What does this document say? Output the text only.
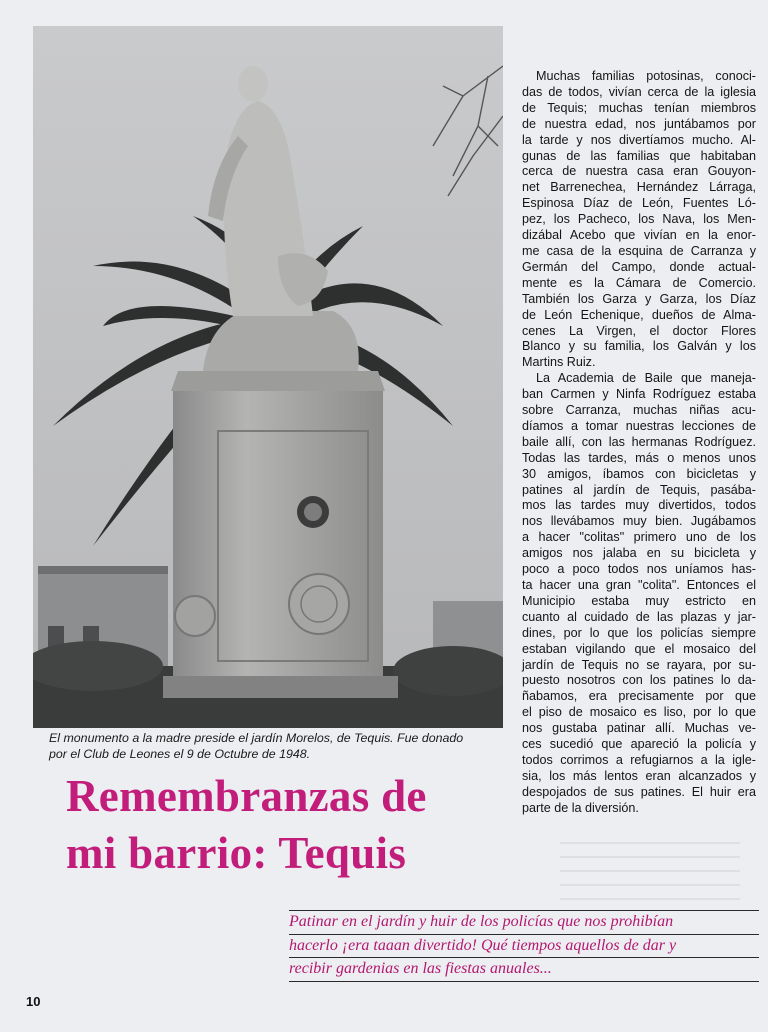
El monumento a la madre preside el jardín Morelos, de Tequis. Fue donado
por el Club de Leones el 9 de Octubre de 1948.
Remembranzas de
mi barrio: Tequis
Muchas familias potosinas, conoci-
das de todos, vivían cerca de la iglesia
de Tequis; muchas tenían miembros
de nuestra edad, nos juntábamos por
la tarde y nos divertíamos mucho. Al-
gunas de las familias que habitaban
cerca de nuestra casa eran Gouyon-
net Barrenechea, Hernández Lárraga,
Espinosa Díaz de León, Fuentes Ló-
pez, los Pacheco, los Nava, los Men-
dizábal Acebo que vivían en la enor-
me casa de la esquina de Carranza y
Germán del Campo, donde actual-
mente es la Cámara de Comercio.
También los Garza y Garza, los Díaz
de León Echenique, dueños de Alma-
cenes La Virgen, el doctor Flores
Blanco y su familia, los Galván y los
Martins Ruiz.
La Academia de Baile que maneja-
ban Carmen y Ninfa Rodríguez estaba
sobre Carranza, muchas niñas acu-
díamos a tomar nuestras lecciones de
baile allí, con las hermanas Rodríguez.
Todas las tardes, más o menos unos
30 amigos, íbamos con bicicletas y
patines al jardín de Tequis, pasába-
mos las tardes muy divertidos, todos
nos llevábamos muy bien. Jugábamos
a hacer "colitas" primero uno de los
amigos nos jalaba en su bicicleta y
poco a poco todos nos uníamos has-
ta hacer una gran "colita". Entonces el
Municipio estaba muy estricto en
cuanto al cuidado de las plazas y jar-
dines, por lo que los policías siempre
estaban vigilando que el mosaico del
jardín de Tequis no se rayara, por su-
puesto nosotros con los patines lo da-
ñabamos, era precisamente por que
el piso de mosaico es liso, por lo que
nos gustaba patinar allí. Muchas ve-
ces sucedió que apareció la policía y
todos corrimos a refugiarnos a la igle-
sia, los más lentos eran alcanzados y
despojados de sus patines. El huir era
parte de la diversión.
Patinar en el jardín y huir de los policías que nos prohibían
hacerlo ¡era taaan divertido! Qué tiempos aquellos de dar y
recibir gardenias en las fiestas anuales...
10
